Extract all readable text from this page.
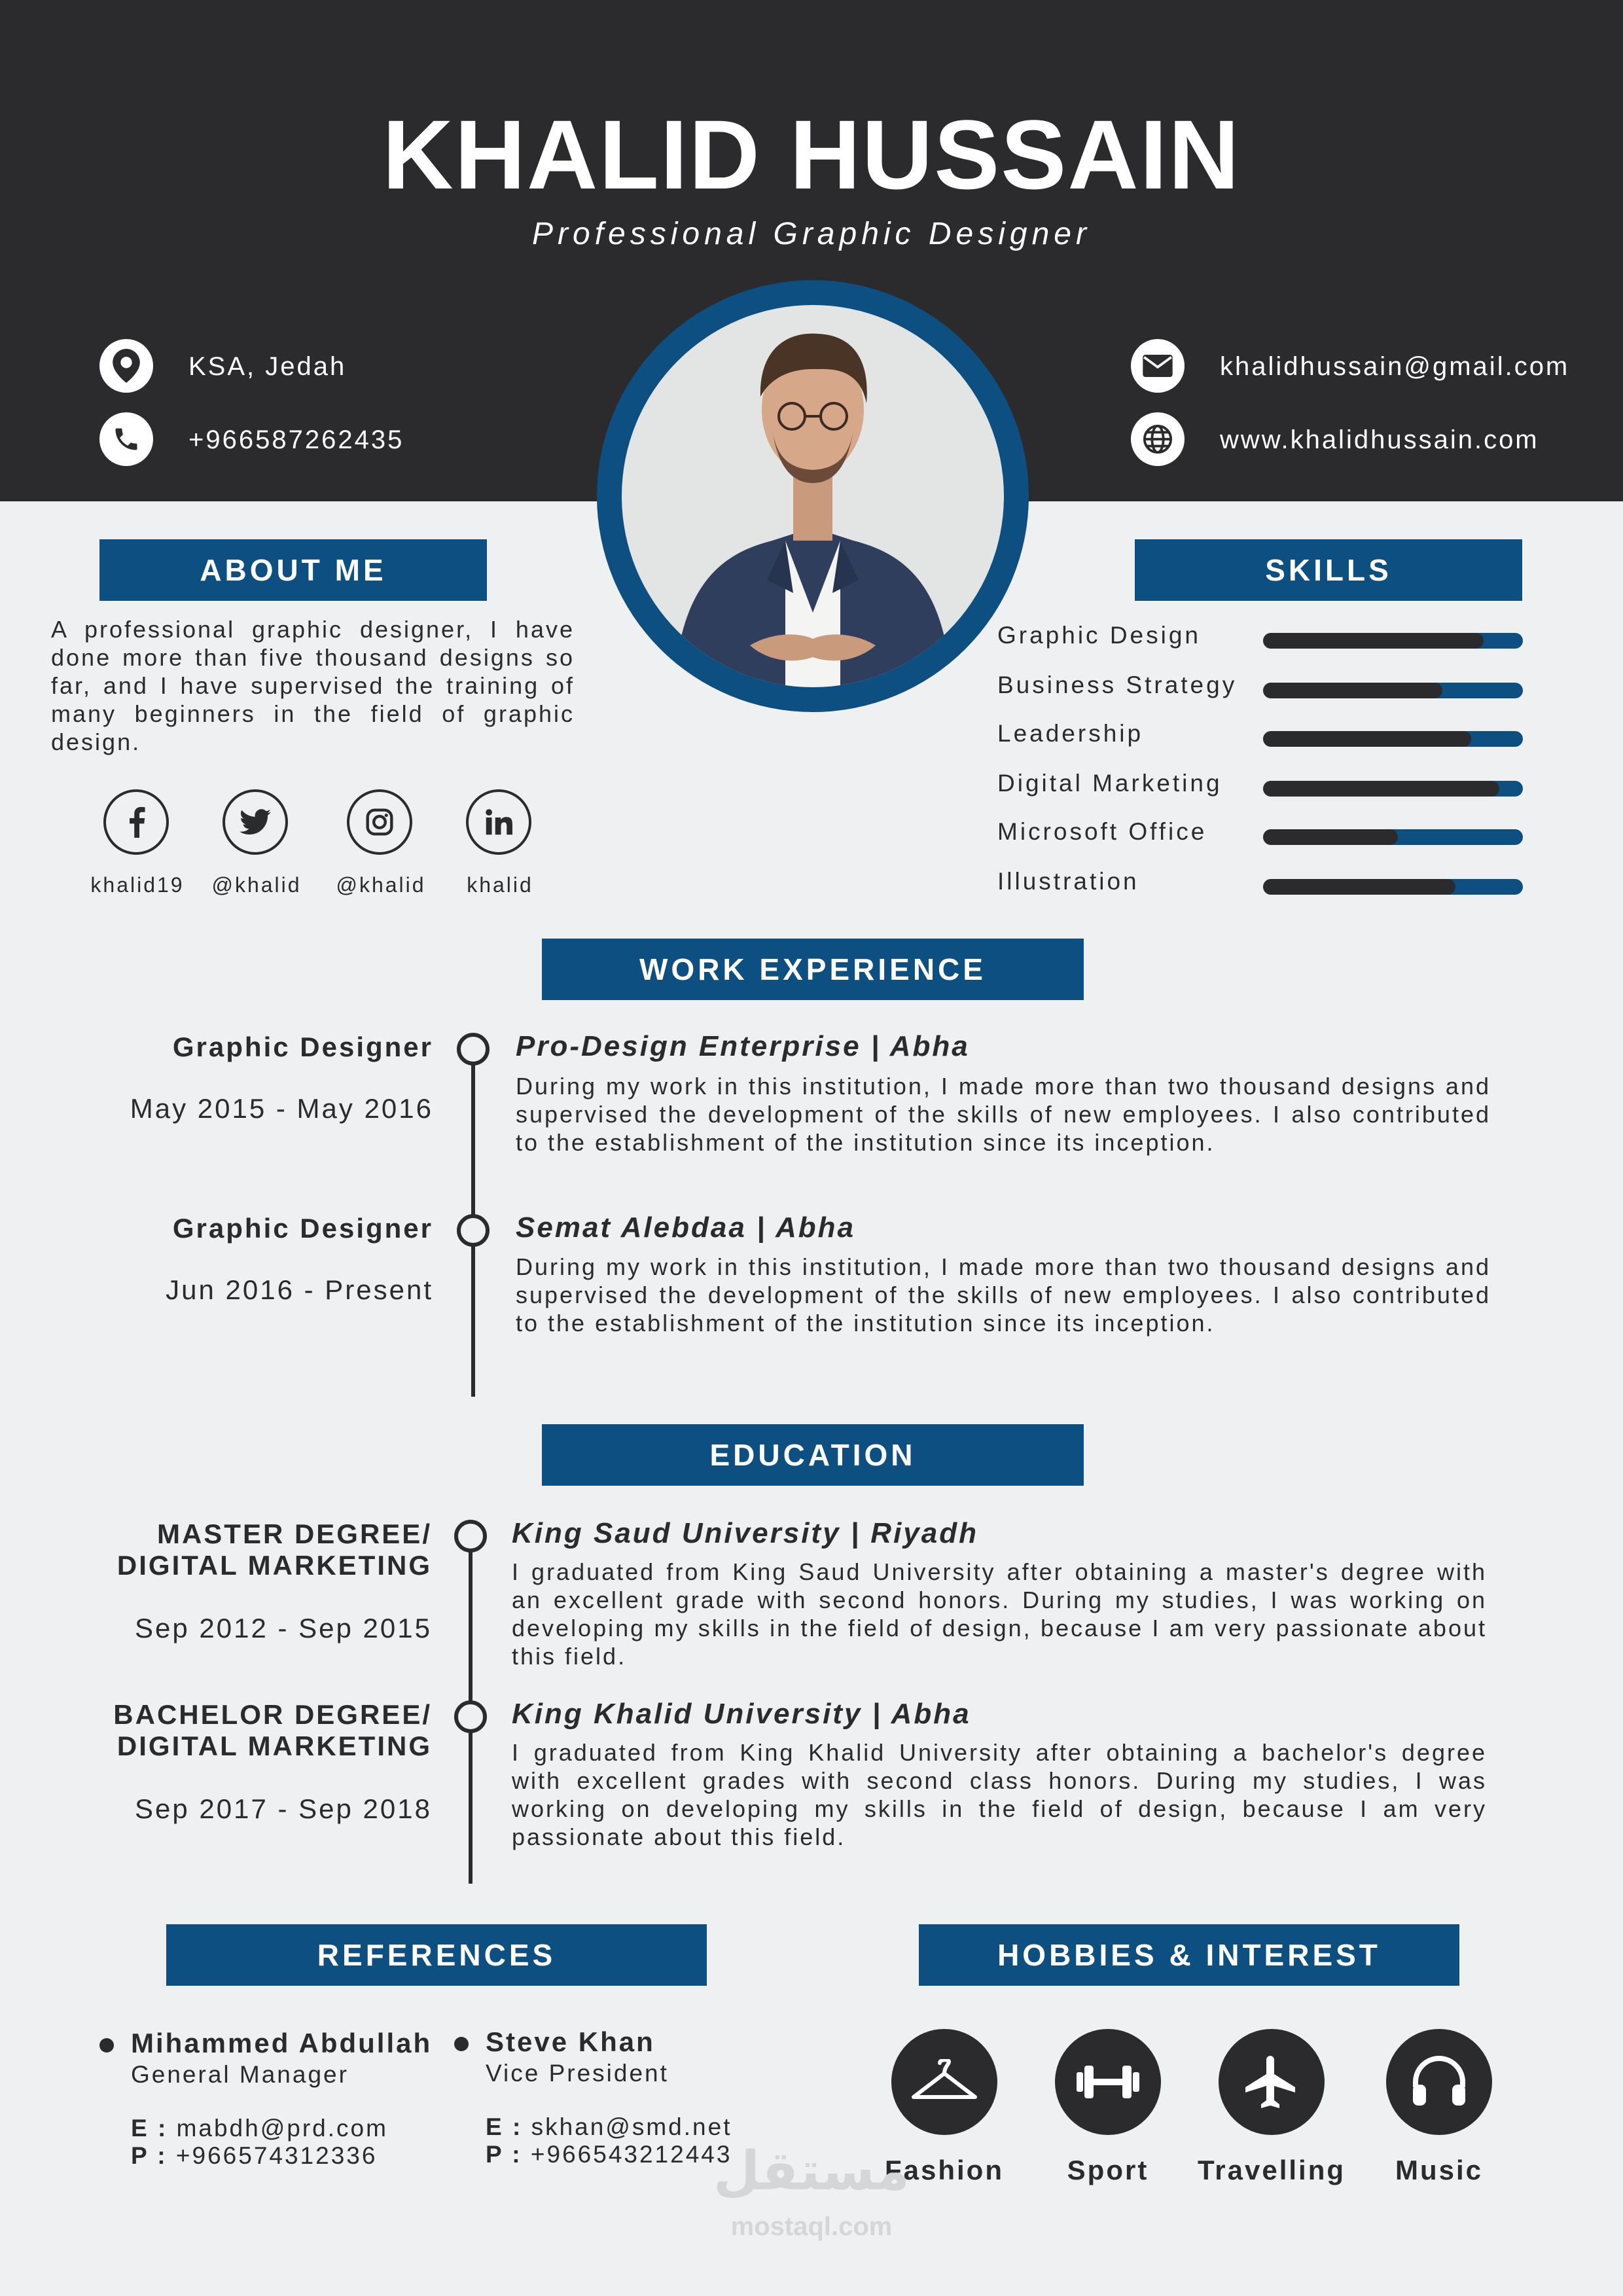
KHALID HUSSAIN
Professional Graphic Designer
KSA, Jedah
+966587262435
khalidhussain@gmail.com
www.khalidhussain.com
ABOUT ME
A professional graphic designer, I have done more than five thousand designs so far, and I have supervised the training of many beginners in the field of graphic design.
khalid19	@khalid	@khalid	khalid
SKILLS
Graphic Design
Business Strategy
Leadership
Digital Marketing
Microsoft Office
Illustration
WORK EXPERIENCE
Graphic Designer
May 2015 - May 2016
Pro-Design Enterprise | Abha
During my work in this institution, I made more than two thousand designs and supervised the development of the skills of new employees. I also contributed to the establishment of the institution since its inception.
Graphic Designer
Jun 2016 - Present
Semat Alebdaa | Abha
During my work in this institution, I made more than two thousand designs and supervised the development of the skills of new employees. I also contributed to the establishment of the institution since its inception.
EDUCATION
MASTER DEGREE/
DIGITAL MARKETING
Sep 2012 - Sep 2015
King Saud University | Riyadh
I graduated from King Saud University after obtaining a master's degree with an excellent grade with second honors. During my studies, I was working on developing my skills in the field of design, because I am very passionate about this field.
BACHELOR DEGREE/
DIGITAL MARKETING
Sep 2017 - Sep 2018
King Khalid University | Abha
I graduated from King Khalid University after obtaining a bachelor's degree with excellent grades with second class honors. During my studies, I was working on developing my skills in the field of design, because I am very passionate about this field.
REFERENCES
Mihammed Abdullah
General Manager
E : mabdh@prd.com
P : +966574312336
Steve Khan
Vice President
E : skhan@smd.net
P : +966543212443
HOBBIES & INTEREST
Fashion	Sport	Travelling	Music
مستقل
mostaql.com
